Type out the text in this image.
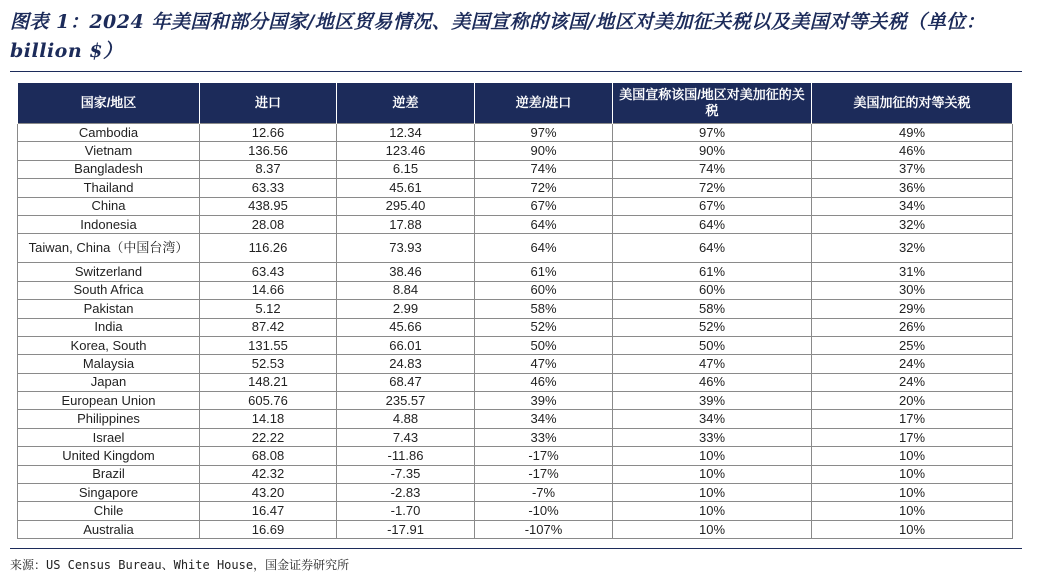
图表 1：2024 年美国和部分国家/地区贸易情况、美国宣称的该国/地区对美加征关税以及美国对等关税（单位：billion $）
国家/地区	进口	逆差	逆差/进口	美国宣称该国/地区对美加征的关税	美国加征的对等关税
Cambodia	12.66	12.34	97%	97%	49%
Vietnam	136.56	123.46	90%	90%	46%
Bangladesh	8.37	6.15	74%	74%	37%
Thailand	63.33	45.61	72%	72%	36%
China	438.95	295.40	67%	67%	34%
Indonesia	28.08	17.88	64%	64%	32%
Taiwan, China（中国台湾）	116.26	73.93	64%	64%	32%
Switzerland	63.43	38.46	61%	61%	31%
South Africa	14.66	8.84	60%	60%	30%
Pakistan	5.12	2.99	58%	58%	29%
India	87.42	45.66	52%	52%	26%
Korea, South	131.55	66.01	50%	50%	25%
Malaysia	52.53	24.83	47%	47%	24%
Japan	148.21	68.47	46%	46%	24%
European Union	605.76	235.57	39%	39%	20%
Philippines	14.18	4.88	34%	34%	17%
Israel	22.22	7.43	33%	33%	17%
United Kingdom	68.08	-11.86	-17%	10%	10%
Brazil	42.32	-7.35	-17%	10%	10%
Singapore	43.20	-2.83	-7%	10%	10%
Chile	16.47	-1.70	-10%	10%	10%
Australia	16.69	-17.91	-107%	10%	10%
来源：US Census Bureau、White House，国金证券研究所
